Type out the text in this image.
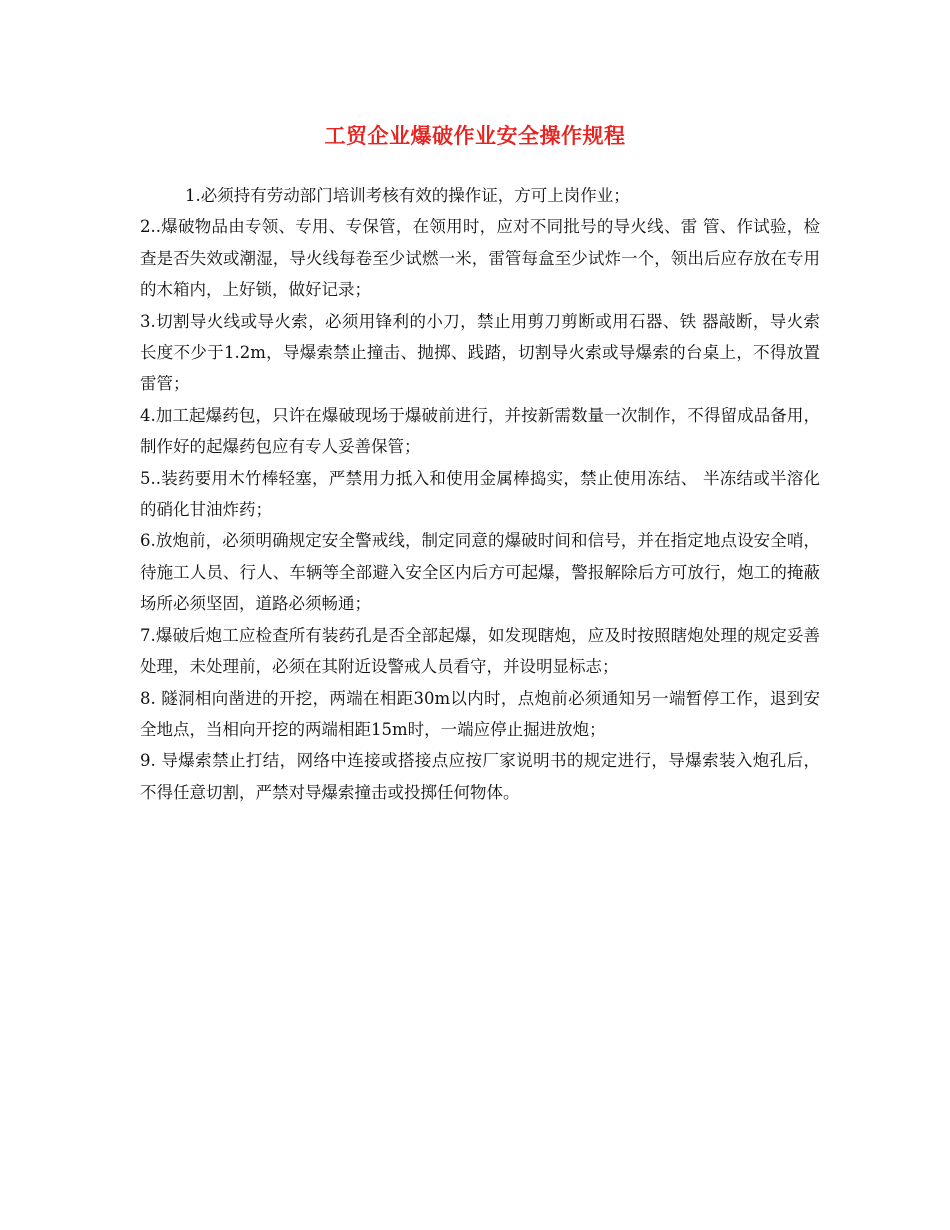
工贸企业爆破作业安全操作规程

1.必须持有劳动部门培训考核有效的操作证，方可上岗作业；

2..爆破物品由专领、专用、专保管，在领用时，应对不同批号的导火线、雷 管、作试验，检查是否失效或潮湿，导火线每卷至少试燃一米，雷管每盒至少试炸一个，领出后应存放在专用的木箱内，上好锁，做好记录；

3.切割导火线或导火索，必须用锋利的小刀，禁止用剪刀剪断或用石器、铁 器敲断，导火索长度不少于1.2m，导爆索禁止撞击、抛掷、践踏，切割导火索或导爆索的台桌上，不得放置雷管；

4.加工起爆药包，只许在爆破现场于爆破前进行，并按新需数量一次制作，不得留成品备用，制作好的起爆药包应有专人妥善保管；

5..装药要用木竹棒轻塞，严禁用力抵入和使用金属棒捣实，禁止使用冻结、 半冻结或半溶化的硝化甘油炸药；

6.放炮前，必须明确规定安全警戒线，制定同意的爆破时间和信号，并在指定地点设安全哨，待施工人员、行人、车辆等全部避入安全区内后方可起爆，警报解除后方可放行，炮工的掩蔽场所必须坚固，道路必须畅通；

7.爆破后炮工应检查所有装药孔是否全部起爆，如发现瞎炮，应及时按照瞎炮处理的规定妥善处理，未处理前，必须在其附近设警戒人员看守，并设明显标志；

8. 隧洞相向凿进的开挖，两端在相距30m以内时，点炮前必须通知另一端暂停工作，退到安全地点，当相向开挖的两端相距15m时，一端应停止掘进放炮；

9. 导爆索禁止打结，网络中连接或搭接点应按厂家说明书的规定进行，导爆索装入炮孔后，不得任意切割，严禁对导爆索撞击或投掷任何物体。
